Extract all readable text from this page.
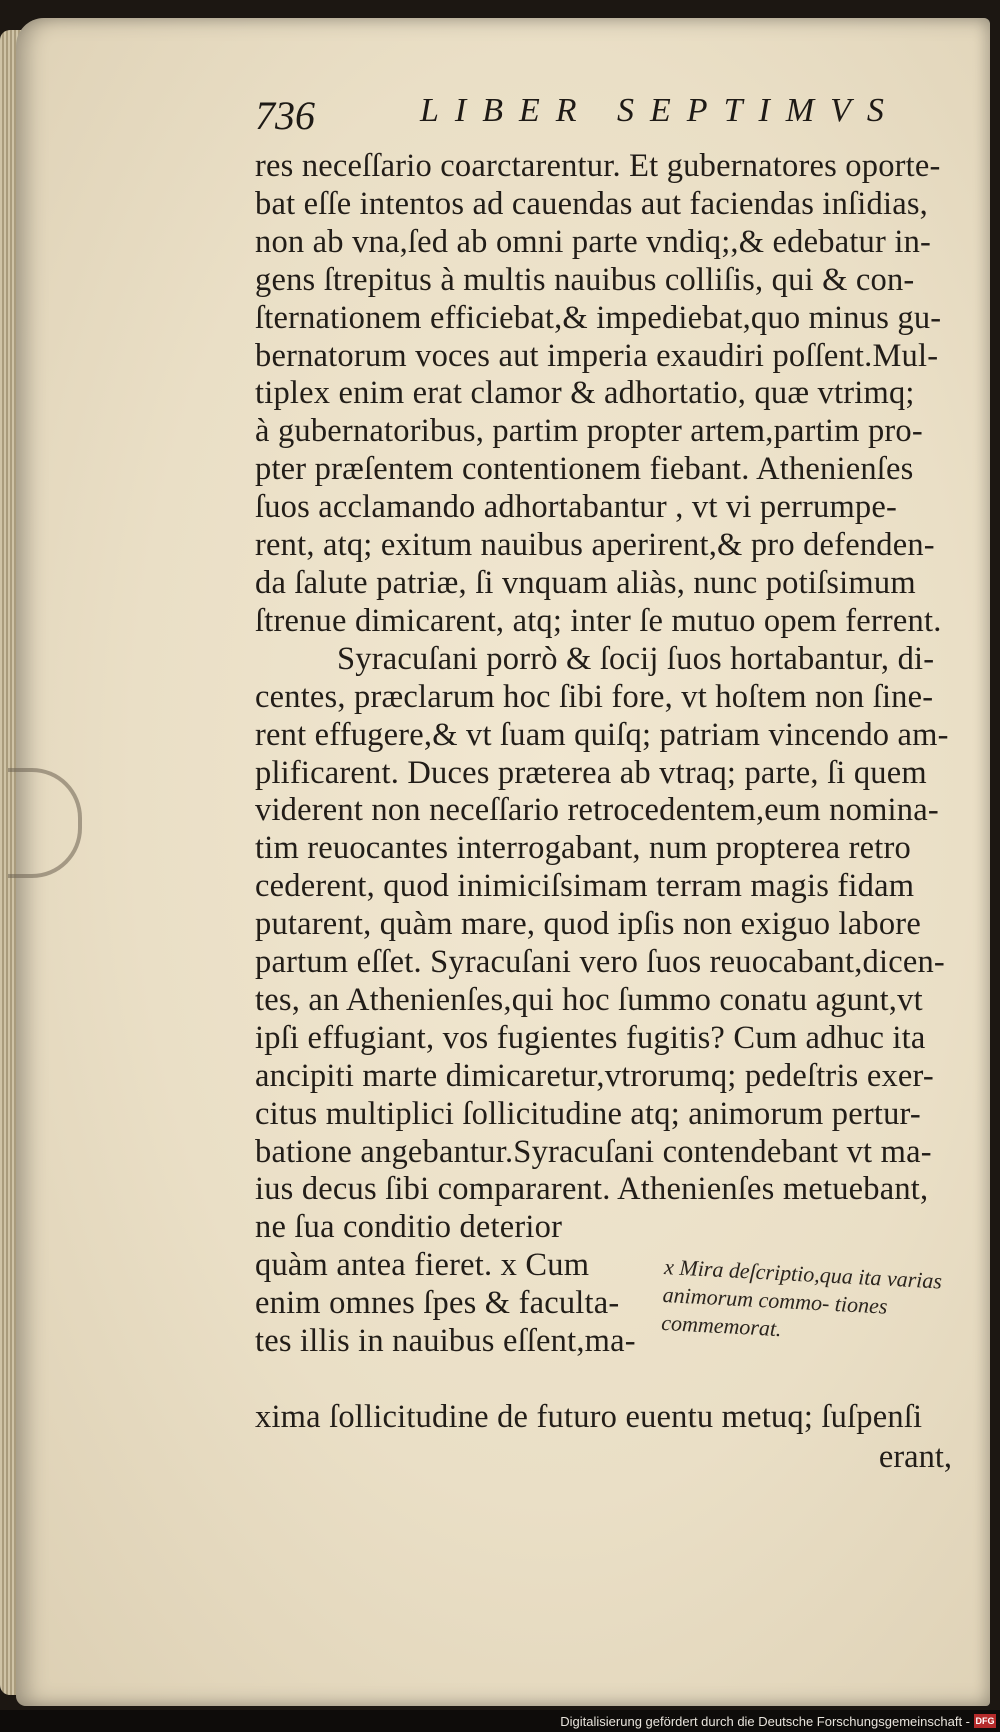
736	LIBER SEPTIMVS
res neceſſario coarctarentur. Et gubernatores oporte-
bat eſſe intentos ad cauendas aut faciendas inſidias,
non ab vna,ſed ab omni parte vndiq;,& edebatur in-
gens ſtrepitus à multis nauibus colliſis, qui & con-
ſternationem efficiebat,& impediebat,quo minus gu-
bernatorum voces aut imperia exaudiri poſſent.Mul-
tiplex enim erat clamor & adhortatio, quæ vtrimq;
à gubernatoribus, partim propter artem,partim pro-
pter præſentem contentionem fiebant. Athenienſes
ſuos acclamando adhortabantur , vt vi perrumpe-
rent, atq; exitum nauibus aperirent,& pro defenden-
da ſalute patriæ, ſi vnquam aliàs, nunc potiſsimum
ſtrenue dimicarent, atq; inter ſe mutuo opem ferrent.
Syracuſani porrò & ſocij ſuos hortabantur, di-
centes, præclarum hoc ſibi fore, vt hoſtem non ſine-
rent effugere,& vt ſuam quiſq; patriam vincendo am-
plificarent. Duces præterea ab vtraq; parte, ſi quem
viderent non neceſſario retrocedentem,eum nomina-
tim reuocantes interrogabant, num propterea retro
cederent, quod inimiciſsimam terram magis fidam
putarent, quàm mare, quod ipſis non exiguo labore
partum eſſet. Syracuſani vero ſuos reuocabant,dicen-
tes, an Athenienſes,qui hoc ſummo conatu agunt,vt
ipſi effugiant, vos fugientes fugitis? Cum adhuc ita
ancipiti marte dimicaretur,vtrorumq; pedeſtris exer-
citus multiplici ſollicitudine atq; animorum pertur-
batione angebantur.Syracuſani contendebant vt ma-
ius decus ſibi compararent. Athenienſes metuebant,
ne ſua conditio deterior
quàm antea fieret. x Cum
enim omnes ſpes & faculta-
tes illis in nauibus eſſent,ma-
x Mira deſcriptio,qua ita varias animorum commo- tiones commemorat.
xima ſollicitudine de futuro euentu metuq; ſuſpenſi
erant,
Digitalisierung gefördert durch die Deutsche Forschungsgemeinschaft - DFG
